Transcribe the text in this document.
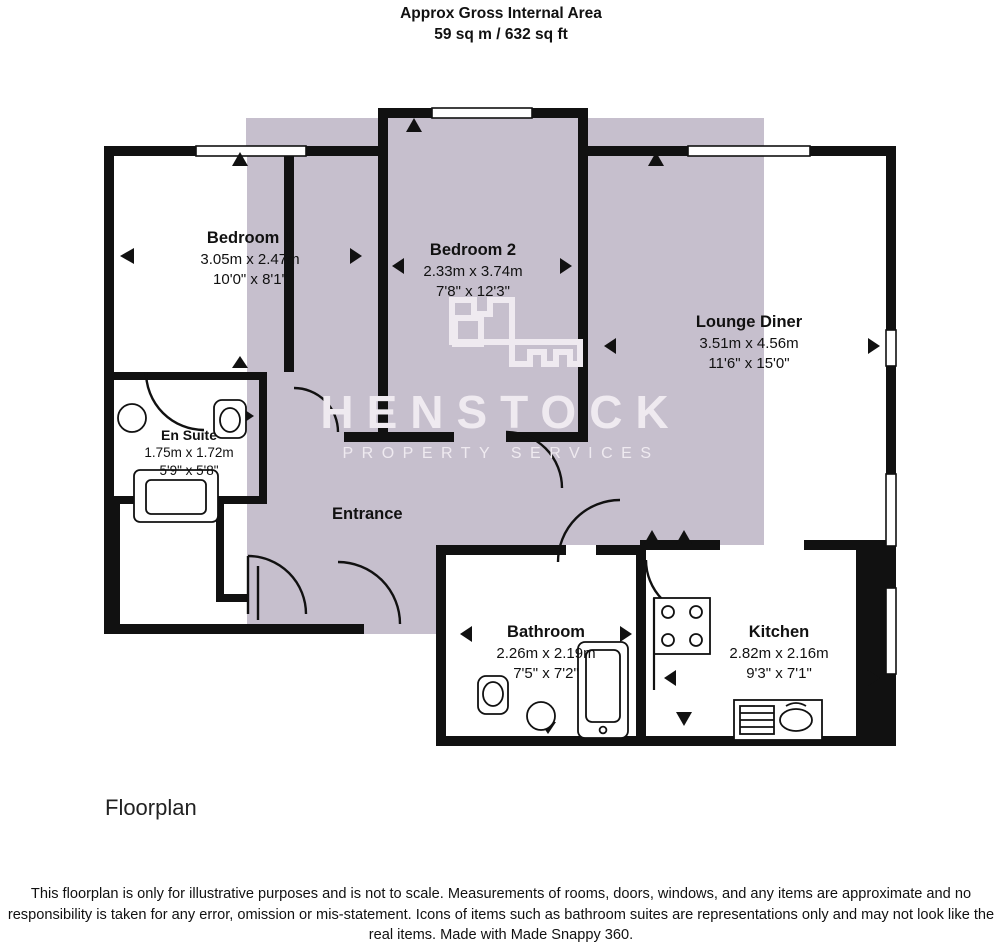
Approx Gross Internal Area
59 sq m / 632 sq ft
HENSTOCK
PROPERTY SERVICES
Bedroom 1
3.05m x 2.47m
10'0" x 8'1"
Bedroom 2
2.33m x 3.74m
7'8" x 12'3"
Lounge Diner
3.51m x 4.56m
11'6" x 15'0"
En Suite
1.75m x 1.72m
5'9" x 5'8"
Bathroom
2.26m x 2.19m
7'5" x 7'2"
Kitchen
2.82m x 2.16m
9'3" x 7'1"
Entrance
Floorplan
This floorplan is only for illustrative purposes and is not to scale. Measurements of rooms, doors, windows, and any items are approximate and no responsibility is taken for any error, omission or mis-statement. Icons of items such as bathroom suites are representations only and may not look like the real items. Made with Made Snappy 360.
